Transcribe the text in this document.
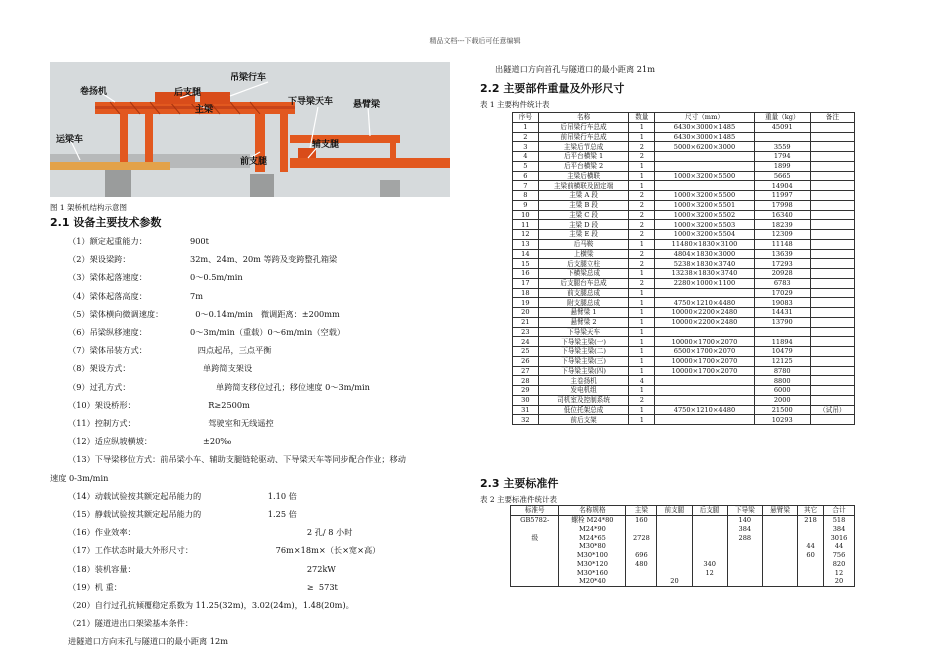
精品文档---下载后可任意编辑
卷扬机	后支腿
吊梁行车
主梁
下导梁天车 悬臂梁
运梁车	辅支腿
前支腿
图 1 架桥机结构示意图
2.1 设备主要技术参数
（1）额定起重能力：	900t
（2）架设梁跨：	32m、24m、20m 等跨及变跨整孔箱梁
（3）梁体起落速度：	0～0.5m/min
（4）梁体起落高度：	7m
（5）梁体横向微调速度：	0～0.14m/min   微调距离：±200mm
（6）吊梁纵移速度：	0～3m/min（重载）0～6m/min（空载）
（7）梁体吊装方式：	四点起吊，三点平衡
（8）架设方式：	单跨简支架设
（9）过孔方式：	单跨简支移位过孔；移位速度 0～3m/min
（10）架设桥形：	R≥2500m
（11）控制方式：	驾驶室和无线遥控
（12）适应纵坡横坡：	±20‰
（13）下导梁移位方式：前吊梁小车、辅助支腿链轮驱动、下导梁天车等同步配合作业；移动
速度 0-3m/min
（14）动载试验按其额定起吊能力的	1.10 倍
（15）静载试验按其额定起吊能力的	1.25 倍
（16）作业效率：	2 孔/ 8 小时
（17）工作状态时最大外形尺寸：	76m×18m×（长×宽×高）
（18）装机容量：	272kW
（19）机 重：	≥  573t
（20）自行过孔抗倾覆稳定系数为 11.25(32m)，3.02(24m)，1.48(20m)。
（21）隧道进出口架梁基本条件：
进隧道口方向末孔与隧道口的最小距离 12m
出隧道口方向首孔与隧道口的最小距离 21m
2.2 主要部件重量及外形尺寸
表 1 主要构件统计表
序号	名称	数量	尺寸（mm）	重量（kg）	备注
1	后吊梁行车总成	1	6430×3000×1485	45091	
2	前吊梁行车总成	1	6430×3000×1485		
3	主梁后节总成	2	5000×6200×3000	3559	
4	后平台横梁 1	2		1794	
5	后平台横梁 2	1		1899	
6	主梁后横联	1	1000×3200×5500	5665	
7	主梁前横联及固定端	1		14904	
8	主梁 A 段	2	1000×3200×5500	11997	
9	主梁 B 段	2	1000×3200×5501	17998	
10	主梁 C 段	2	1000×3200×5502	16340	
11	主梁 D 段	2	1000×3200×5503	18239	
12	主梁 E 段	2	1000×3200×5504	12309	
13	后马鞍	1	11480×1830×3100	11148	
14	上横梁	2	4804×1830×3000	13639	
15	后支腿立柱	2	5238×1830×3740	17293	
16	下横梁总成	1	13238×1830×3740	20928	
17	后支腿台车总成	2	2280×1000×1100	6783	
18	前支腿总成	1		17029	
19	附支腿总成	1	4750×1210×4480	19083	
20	悬臂梁 1	1	10000×2200×2480	14431	
21	悬臂梁 2	1	10000×2200×2480	13790	
23	下导梁天车	1			
24	下导梁主梁(一)	1	10000×1700×2070	11894	
25	下导梁主梁(二)	1	6500×1700×2070	10479	
26	下导梁主梁(三)	1	10000×1700×2070	12125	
27	下导梁主梁(四)	1	10000×1700×2070	8780	
28	主卷扬机	4		8800	
29	发电机组	1		6000	
30	司机室及控制系统	2		2000	
31	低位托架总成	1	4750×1210×4480	21500	（试吊）
32	前后支架	1		10293	
2.3 主要标准件
表 2 主要标准件统计表
标准号	名称规格	主梁	前支腿	后支腿	下导梁	悬臂梁	其它	合计
GB5782-	螺栓 M24*80	160			140		218	518
	M24*90				384			384
级	M24*65	2728			288			3016
	M30*80						44	44
	M30*100	696					60	756
	M30*120	480		340				820
	M30*160			12				12
	M20*40		20					20
